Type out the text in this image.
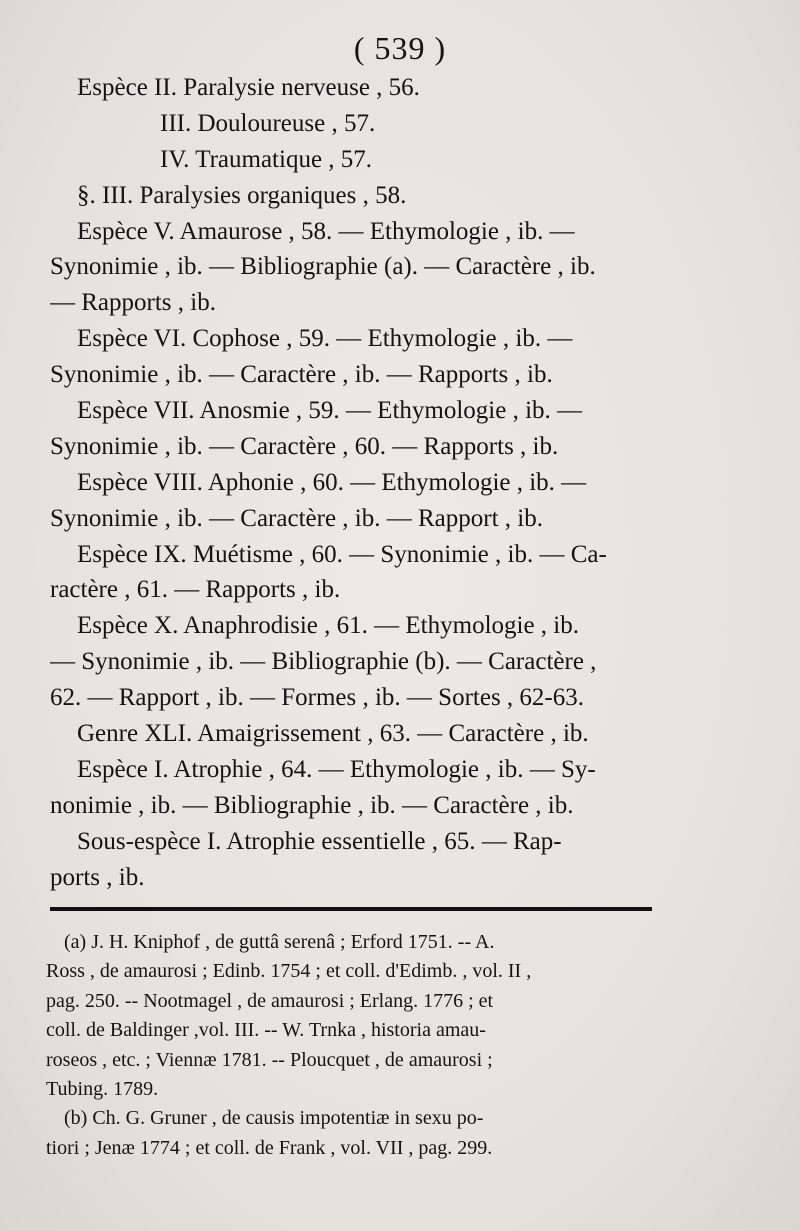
( 539 )
Espèce II. Paralysie nerveuse , 56.
III. Douloureuse , 57.
IV. Traumatique , 57.
§. III. Paralysies organiques , 58.
Espèce V. Amaurose , 58. — Ethymologie , ib. —
Synonimie , ib. — Bibliographie (a). — Caractère , ib.
— Rapports , ib.
Espèce VI. Cophose , 59. — Ethymologie , ib. —
Synonimie , ib. — Caractère , ib. — Rapports , ib.
Espèce VII. Anosmie , 59. — Ethymologie , ib. —
Synonimie , ib. — Caractère , 60. — Rapports , ib.
Espèce VIII. Aphonie , 60. — Ethymologie , ib. —
Synonimie , ib. — Caractère , ib. — Rapport , ib.
Espèce IX. Muétisme , 60. — Synonimie , ib. — Ca-
ractère , 61. — Rapports , ib.
Espèce X. Anaphrodisie , 61. — Ethymologie , ib.
— Synonimie , ib. — Bibliographie (b). — Caractère ,
62. — Rapport , ib. — Formes , ib. — Sortes , 62-63.
Genre XLI. Amaigrissement , 63. — Caractère , ib.
Espèce I. Atrophie , 64. — Ethymologie , ib. — Sy-
nonimie , ib. — Bibliographie , ib. — Caractère , ib.
Sous-espèce I. Atrophie essentielle , 65. — Rap-
ports , ib.
(a) J. H. Kniphof , de guttâ serenâ ; Erford 1751. -- A.
Ross , de amaurosi ; Edinb. 1754 ; et coll. d'Edimb. , vol. II ,
pag. 250. -- Nootmagel , de amaurosi ; Erlang. 1776 ; et
coll. de Baldinger ,vol. III. -- W. Trnka , historia amau-
roseos , etc. ; Viennæ 1781. -- Ploucquet , de amaurosi ;
Tubing. 1789.
(b) Ch. G. Gruner , de causis impotentiæ in sexu po-
tiori ; Jenæ 1774 ; et coll. de Frank , vol. VII , pag. 299.
